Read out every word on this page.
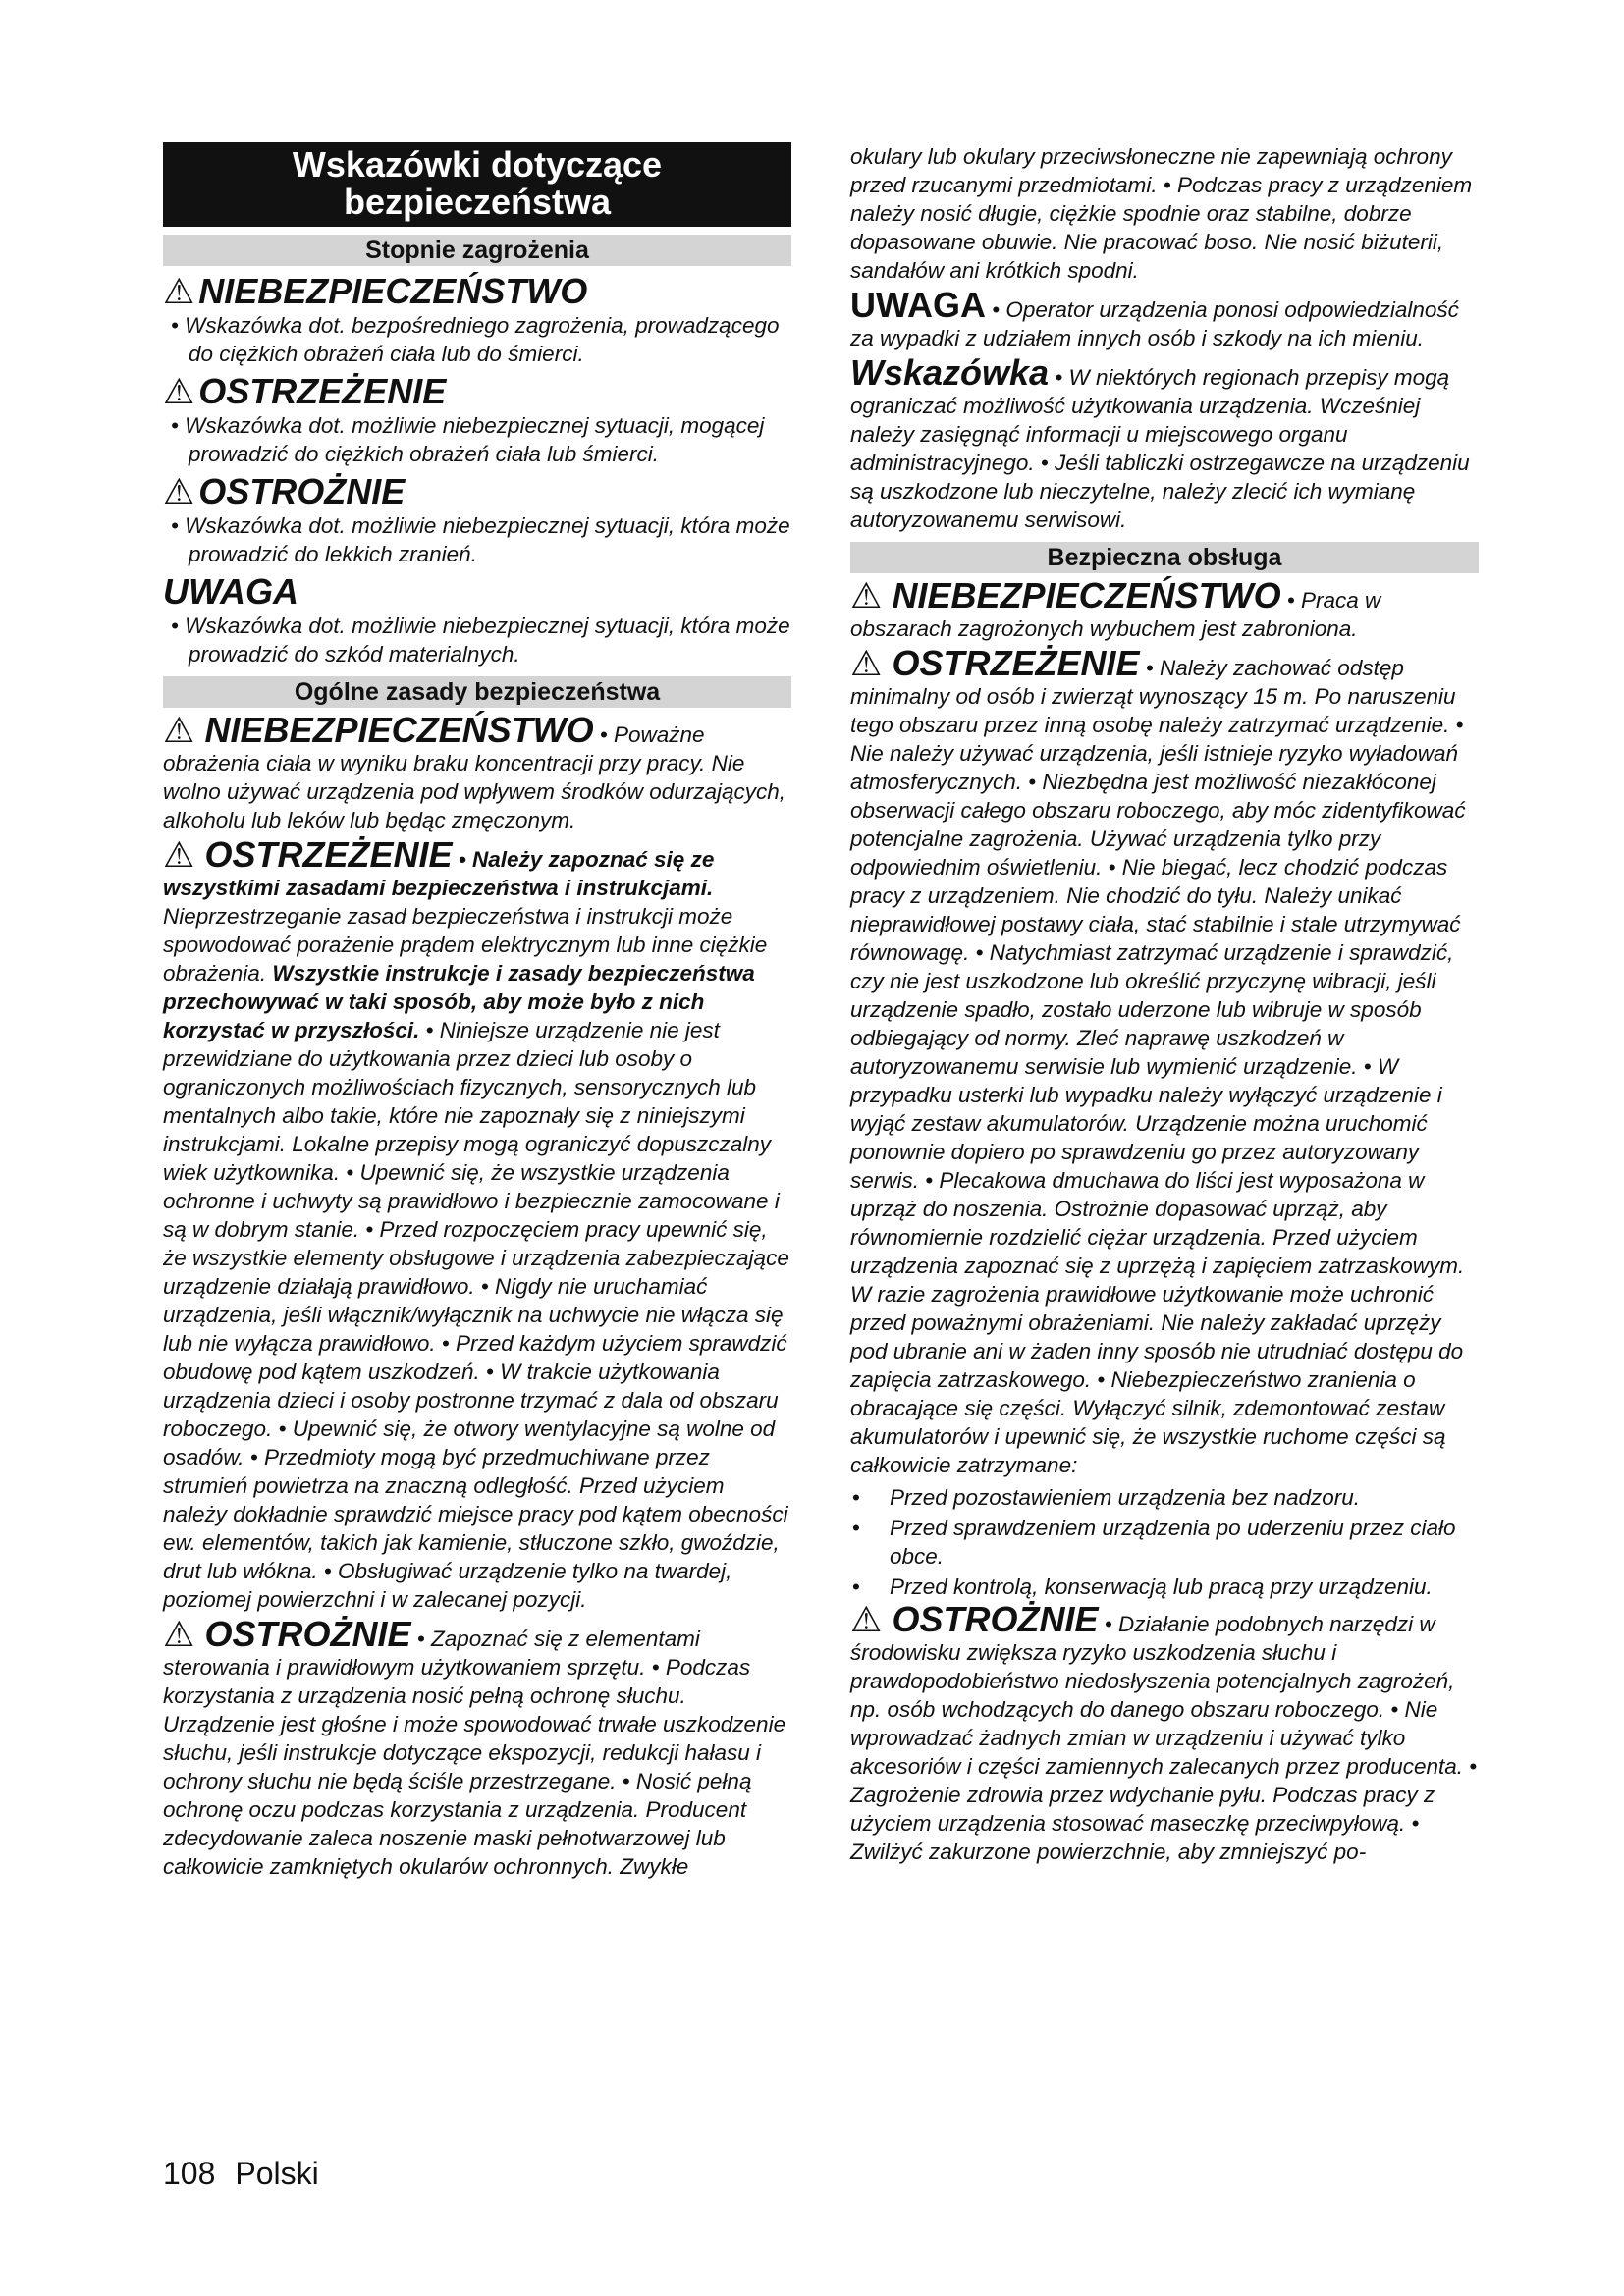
Wskazówki dotyczące
bezpieczeństwa
Stopnie zagrożenia
⚠ NIEBEZPIECZEŃSTWO
• Wskazówka dot. bezpośredniego zagrożenia, prowadzącego do ciężkich obrażeń ciała lub do śmierci.
⚠ OSTRZEŻENIE
• Wskazówka dot. możliwie niebezpiecznej sytuacji, mogącej prowadzić do ciężkich obrażeń ciała lub śmierci.
⚠ OSTROŻNIE
• Wskazówka dot. możliwie niebezpiecznej sytuacji, która może prowadzić do lekkich zranień.
UWAGA
• Wskazówka dot. możliwie niebezpiecznej sytuacji, która może prowadzić do szkód materialnych.
Ogólne zasady bezpieczeństwa
⚠ NIEBEZPIECZEŃSTWO • Poważne obrażenia ciała w wyniku braku koncentracji przy pracy. Nie wolno używać urządzenia pod wpływem środków odurzających, alkoholu lub leków lub będąc zmęczonym.
⚠ OSTRZEŻENIE • Należy zapoznać się ze wszystkimi zasadami bezpieczeństwa i instrukcjami. Nieprzestrzeganie zasad bezpieczeństwa i instrukcji może spowodować porażenie prądem elektrycznym lub inne ciężkie obrażenia. Wszystkie instrukcje i zasady bezpieczeństwa przechowywać w taki sposób, aby może było z nich korzystać w przyszłości. • Niniejsze urządzenie nie jest przewidziane do użytkowania przez dzieci lub osoby o ograniczonych możliwościach fizycznych, sensorycznych lub mentalnych albo takie, które nie zapoznały się z niniejszymi instrukcjami. Lokalne przepisy mogą ograniczyć dopuszczalny wiek użytkownika. • Upewnić się, że wszystkie urządzenia ochronne i uchwyty są prawidłowo i bezpiecznie zamocowane i są w dobrym stanie. • Przed rozpoczęciem pracy upewnić się, że wszystkie elementy obsługowe i urządzenia zabezpieczające urządzenie działają prawidłowo. • Nigdy nie uruchamiać urządzenia, jeśli włącznik/wyłącznik na uchwycie nie włącza się lub nie wyłącza prawidłowo. • Przed każdym użyciem sprawdzić obudowę pod kątem uszkodzeń. • W trakcie użytkowania urządzenia dzieci i osoby postronne trzymać z dala od obszaru roboczego. • Upewnić się, że otwory wentylacyjne są wolne od osadów. • Przedmioty mogą być przedmuchiwane przez strumień powietrza na znaczną odległość. Przed użyciem należy dokładnie sprawdzić miejsce pracy pod kątem obecności ew. elementów, takich jak kamienie, stłuczone szkło, gwoździe, drut lub włókna. • Obsługiwać urządzenie tylko na twardej, poziomej powierzchni i w zalecanej pozycji.
⚠ OSTROŻNIE • Zapoznać się z elementami sterowania i prawidłowym użytkowaniem sprzętu. • Podczas korzystania z urządzenia nosić pełną ochronę słuchu. Urządzenie jest głośne i może spowodować trwałe uszkodzenie słuchu, jeśli instrukcje dotyczące ekspozycji, redukcji hałasu i ochrony słuchu nie będą ściśle przestrzegane. • Nosić pełną ochronę oczu podczas korzystania z urządzenia. Producent zdecydowanie zaleca noszenie maski pełnotwarzowej lub całkowicie zamkniętych okularów ochronnych. Zwykłe
okulary lub okulary przeciwsłoneczne nie zapewniają ochrony przed rzucanymi przedmiotami. • Podczas pracy z urządzeniem należy nosić długie, ciężkie spodnie oraz stabilne, dobrze dopasowane obuwie. Nie pracować boso. Nie nosić biżuterii, sandałów ani krótkich spodni.
UWAGA • Operator urządzenia ponosi odpowiedzialność za wypadki z udziałem innych osób i szkody na ich mieniu.
Wskazówka • W niektórych regionach przepisy mogą ograniczać możliwość użytkowania urządzenia. Wcześniej należy zasięgnąć informacji u miejscowego organu administracyjnego. • Jeśli tabliczki ostrzegawcze na urządzeniu są uszkodzone lub nieczytelne, należy zlecić ich wymianę autoryzowanemu serwisowi.
Bezpieczna obsługa
⚠ NIEBEZPIECZEŃSTWO • Praca w obszarach zagrożonych wybuchem jest zabroniona.
⚠ OSTRZEŻENIE • Należy zachować odstęp minimalny od osób i zwierząt wynoszący 15 m. Po naruszeniu tego obszaru przez inną osobę należy zatrzymać urządzenie. • Nie należy używać urządzenia, jeśli istnieje ryzyko wyładowań atmosferycznych. • Niezbędna jest możliwość niezakłóconej obserwacji całego obszaru roboczego, aby móc zidentyfikować potencjalne zagrożenia. Używać urządzenia tylko przy odpowiednim oświetleniu. • Nie biegać, lecz chodzić podczas pracy z urządzeniem. Nie chodzić do tyłu. Należy unikać nieprawidłowej postawy ciała, stać stabilnie i stale utrzymywać równowagę. • Natychmiast zatrzymać urządzenie i sprawdzić, czy nie jest uszkodzone lub określić przyczynę wibracji, jeśli urządzenie spadło, zostało uderzone lub wibruje w sposób odbiegający od normy. Zleć naprawę uszkodzeń w autoryzowanemu serwisie lub wymienić urządzenie. • W przypadku usterki lub wypadku należy wyłączyć urządzenie i wyjąć zestaw akumulatorów. Urządzenie można uruchomić ponownie dopiero po sprawdzeniu go przez autoryzowany serwis. • Plecakowa dmuchawa do liści jest wyposażona w uprząż do noszenia. Ostrożnie dopasować uprząż, aby równomiernie rozdzielić ciężar urządzenia. Przed użyciem urządzenia zapoznać się z uprzężą i zapięciem zatrzaskowym. W razie zagrożenia prawidłowe użytkowanie może uchronić przed poważnymi obrażeniami. Nie należy zakładać uprzęży pod ubranie ani w żaden inny sposób nie utrudniać dostępu do zapięcia zatrzaskowego. • Niebezpieczeństwo zranienia o obracające się części. Wyłączyć silnik, zdemontować zestaw akumulatorów i upewnić się, że wszystkie ruchome części są całkowicie zatrzymane:
• Przed pozostawieniem urządzenia bez nadzoru.
• Przed sprawdzeniem urządzenia po uderzeniu przez ciało obce.
• Przed kontrolą, konserwacją lub pracą przy urządzeniu.
⚠ OSTROŻNIE • Działanie podobnych narzędzi w środowisku zwiększa ryzyko uszkodzenia słuchu i prawdopodobieństwo niedosłyszenia potencjalnych zagrożeń, np. osób wchodzących do danego obszaru roboczego. • Nie wprowadzać żadnych zmian w urządzeniu i używać tylko akcesoriów i części zamiennych zalecanych przez producenta. • Zagrożenie zdrowia przez wdychanie pyłu. Podczas pracy z użyciem urządzenia stosować maseczkę przeciwpyłową. • Zwilżyć zakurzone powierzchnie, aby zmniejszyć po-
108 Polski
